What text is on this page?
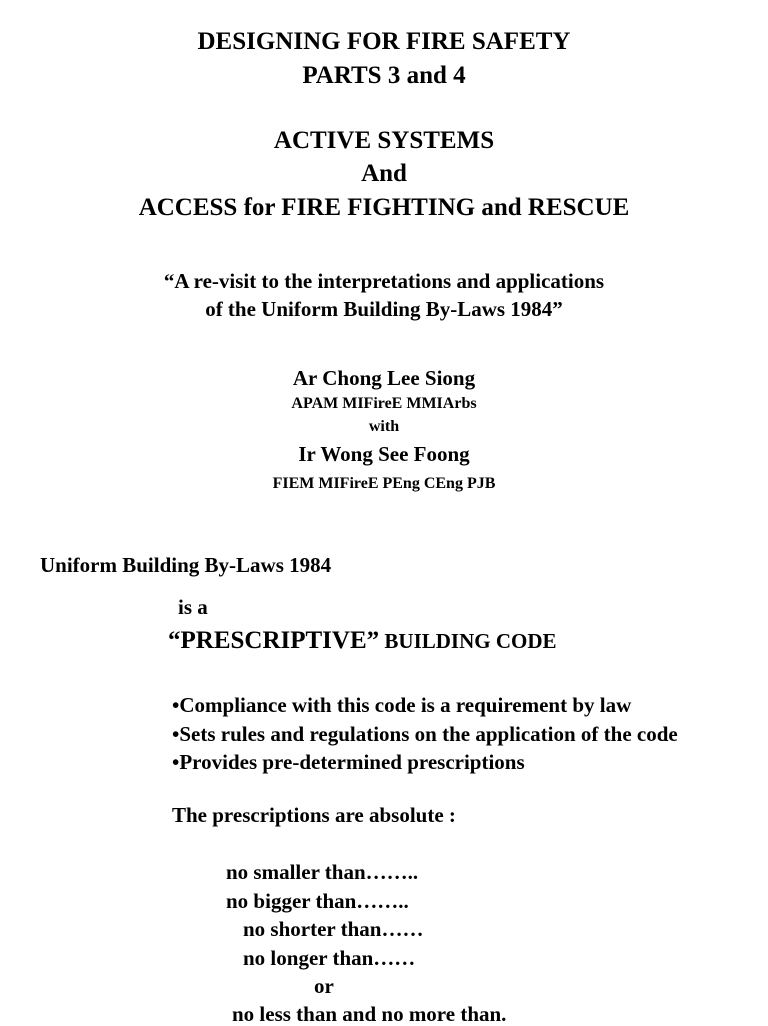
DESIGNING FOR FIRE SAFETY
PARTS 3 and 4
ACTIVE SYSTEMS
And
ACCESS for FIRE FIGHTING and RESCUE
“A re-visit to the interpretations and applications
of the Uniform Building By-Laws 1984”
Ar Chong Lee Siong
APAM MIFireE MMIArbs
with
Ir Wong See Foong
FIEM MIFireE PEng CEng PJB
Uniform Building By-Laws 1984
is a
“PRESCRIPTIVE” BUILDING CODE
•Compliance with this code is a requirement by law
•Sets rules and regulations on the application of the code
•Provides pre-determined prescriptions
The prescriptions are absolute :
no smaller than……..
no bigger than……..
no shorter than……
no longer than……
or
no less than and no more than.
